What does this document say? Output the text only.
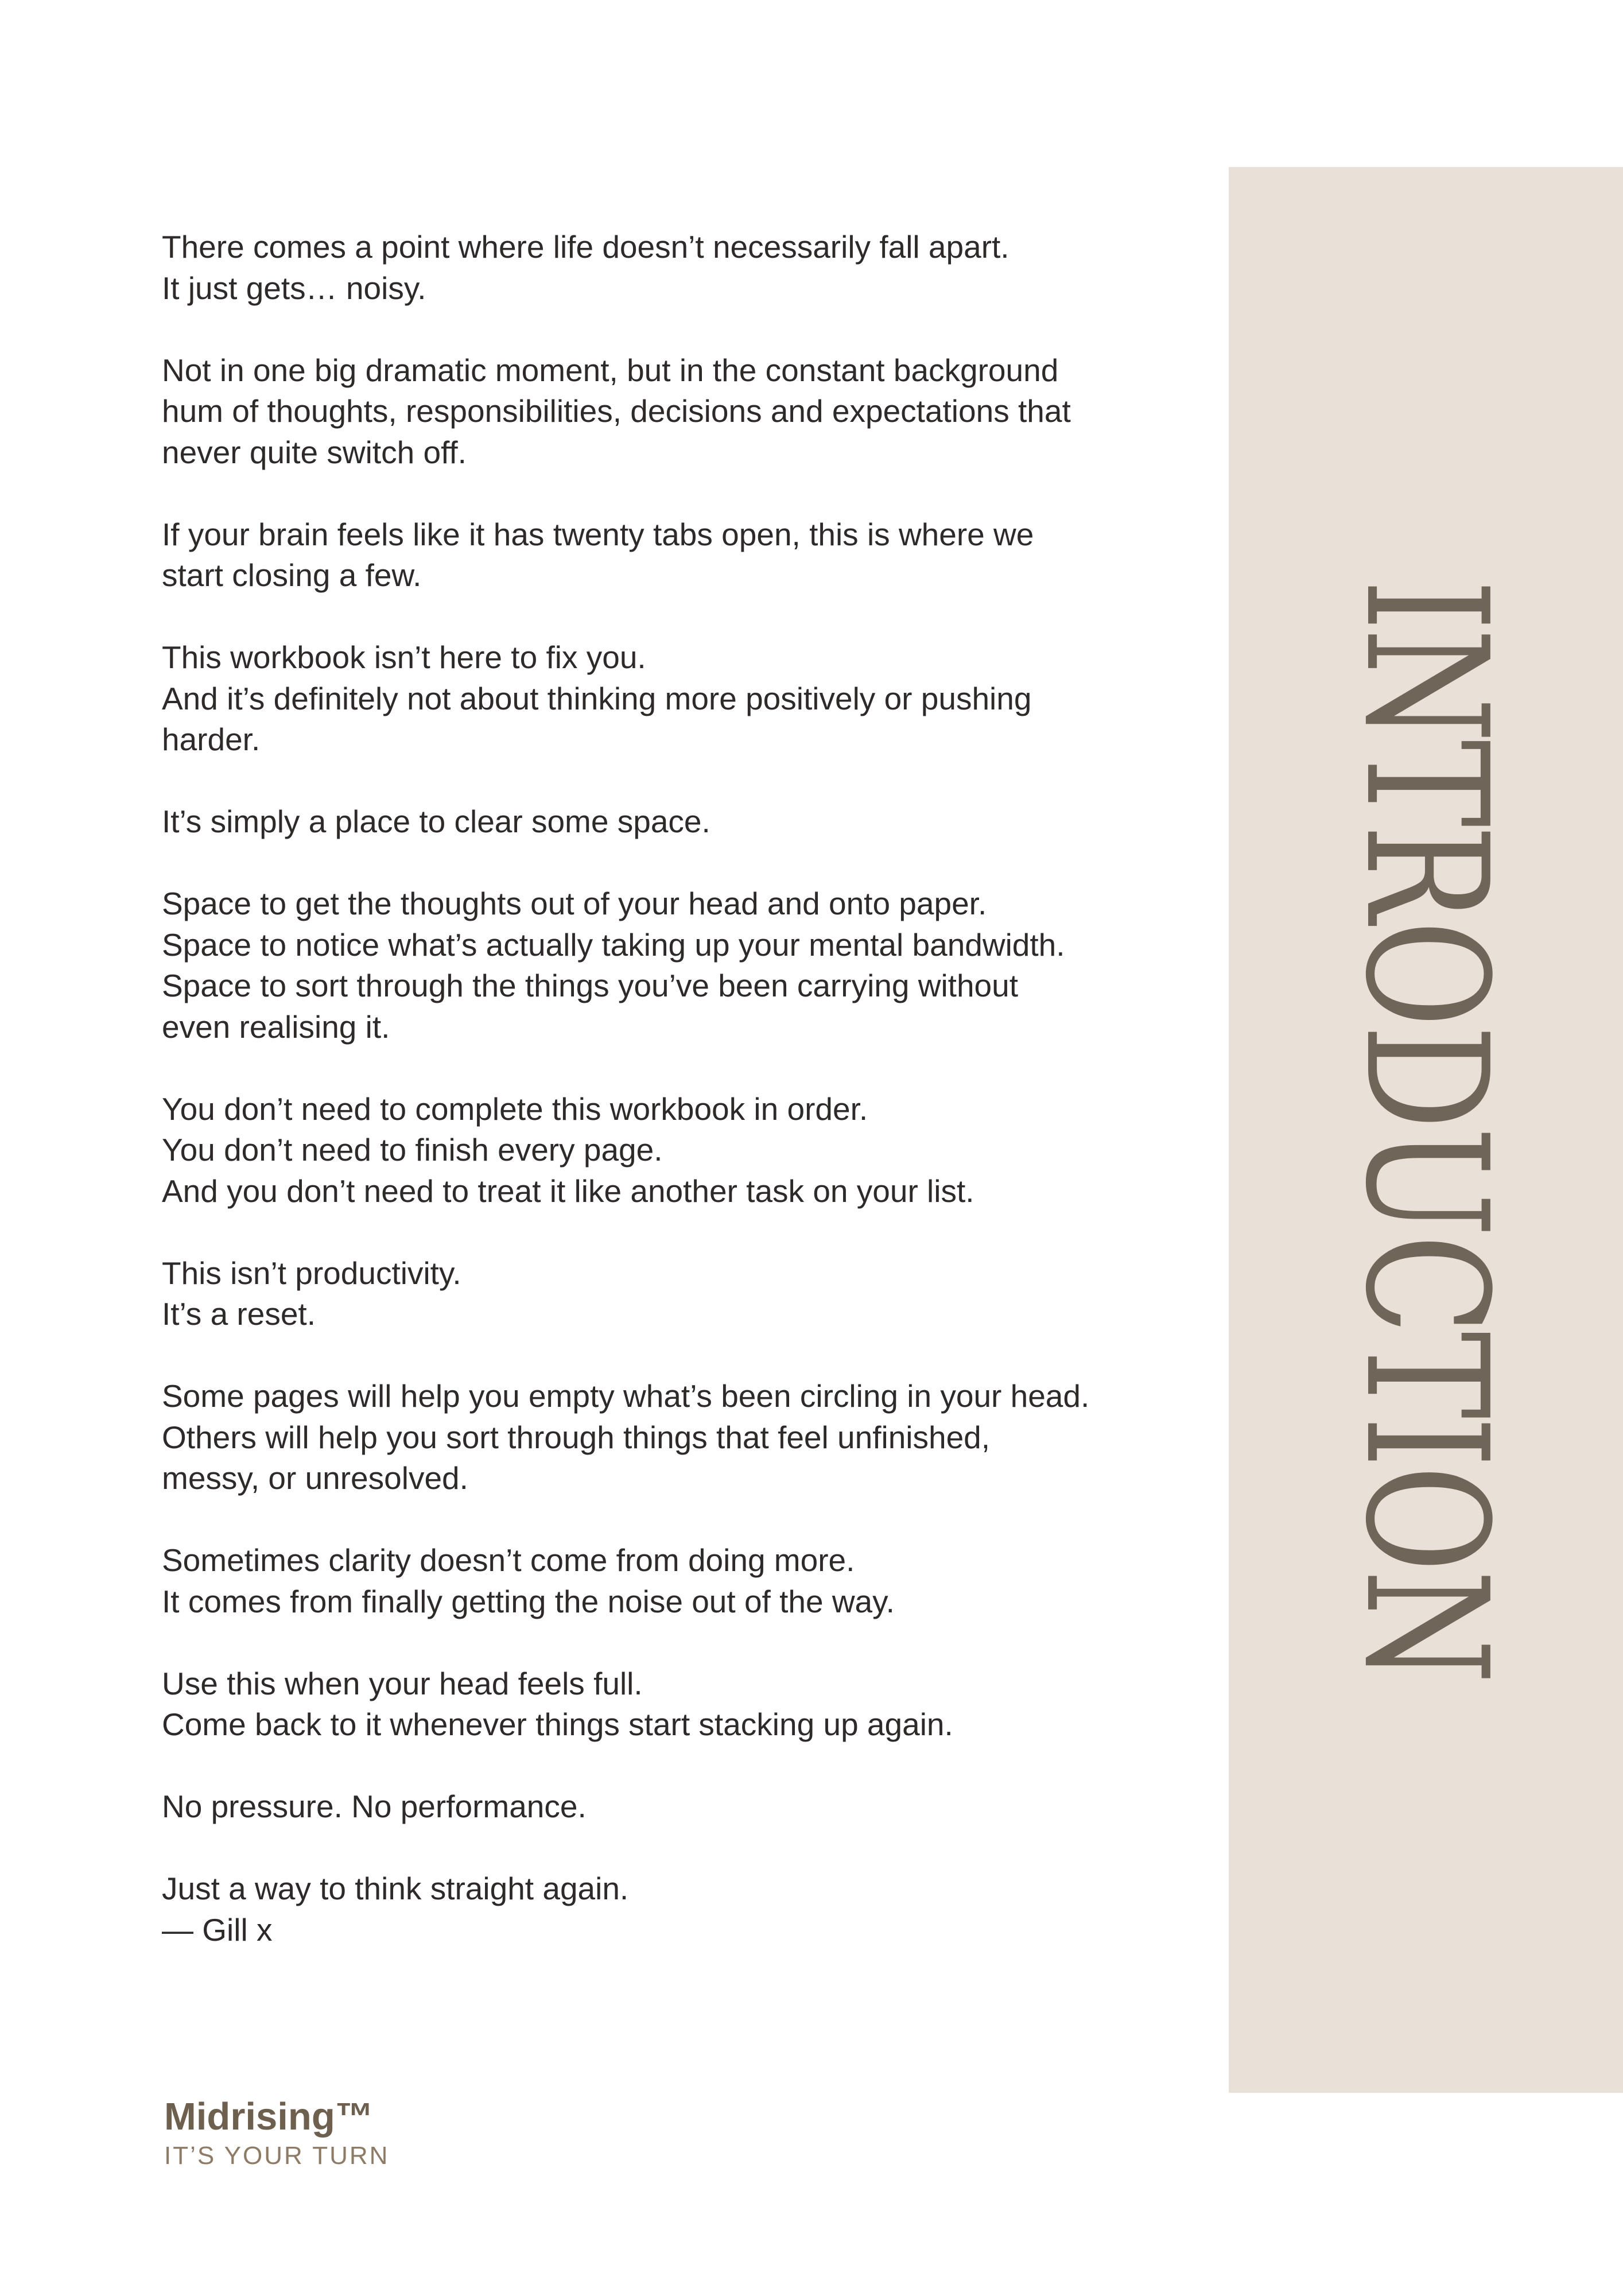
INTRODUCTION
There comes a point where life doesn’t necessarily fall apart.
It just gets… noisy.
Not in one big dramatic moment, but in the constant background
hum of thoughts, responsibilities, decisions and expectations that
never quite switch off.
If your brain feels like it has twenty tabs open, this is where we
start closing a few.
This workbook isn’t here to fix you.
And it’s definitely not about thinking more positively or pushing
harder.
It’s simply a place to clear some space.
Space to get the thoughts out of your head and onto paper.
Space to notice what’s actually taking up your mental bandwidth.
Space to sort through the things you’ve been carrying without
even realising it.
You don’t need to complete this workbook in order.
You don’t need to finish every page.
And you don’t need to treat it like another task on your list.
This isn’t productivity.
It’s a reset.
Some pages will help you empty what’s been circling in your head.
Others will help you sort through things that feel unfinished,
messy, or unresolved.
Sometimes clarity doesn’t come from doing more.
It comes from finally getting the noise out of the way.
Use this when your head feels full.
Come back to it whenever things start stacking up again.
No pressure. No performance.
Just a way to think straight again.
— Gill x
Midrising™
IT’S YOUR TURN
